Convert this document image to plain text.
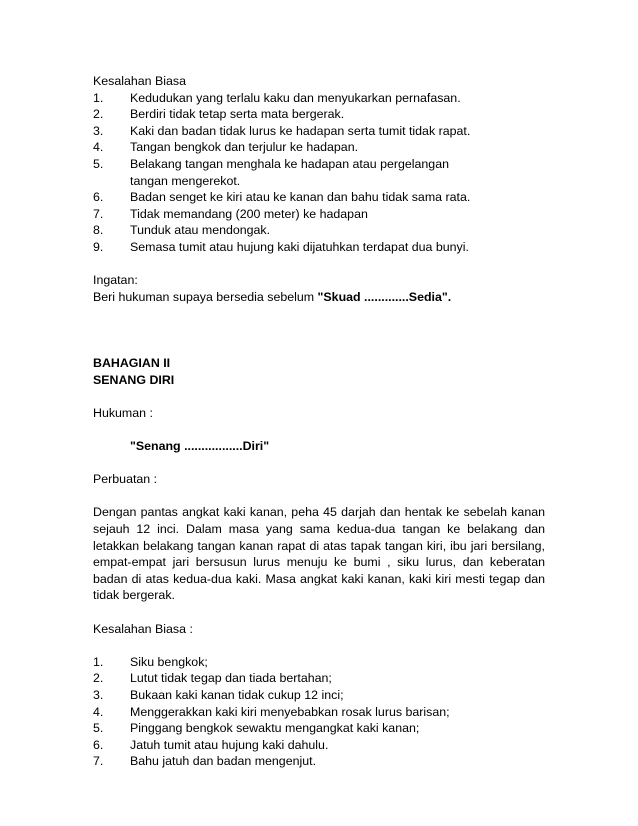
Kesalahan Biasa
1.	Kedudukan yang terlalu kaku dan menyukarkan pernafasan.
2.	Berdiri tidak tetap serta mata bergerak.
3.	Kaki dan badan tidak lurus ke hadapan serta tumit tidak rapat.
4.	Tangan bengkok dan terjulur ke hadapan.
5.	Belakang tangan menghala ke hadapan atau pergelangan
tangan mengerekot.
6.	Badan senget ke kiri atau ke kanan dan bahu tidak sama rata.
7.	Tidak memandang (200 meter) ke hadapan
8.	Tunduk atau mendongak.
9.	Semasa tumit atau hujung kaki dijatuhkan terdapat dua bunyi.
Ingatan:
Beri hukuman supaya bersedia sebelum "Skuad .............Sedia".
BAHAGIAN II
SENANG DIRI
Hukuman :
"Senang .................Diri"
Perbuatan :
Dengan pantas angkat kaki kanan, peha 45 darjah dan hentak ke sebelah kanan sejauh 12 inci. Dalam masa yang sama kedua-dua tangan ke belakang dan letakkan belakang tangan kanan rapat di atas tapak tangan kiri, ibu jari bersilang, empat-empat jari bersusun lurus menuju ke bumi , siku lurus, dan keberatan badan di atas kedua-dua kaki. Masa angkat kaki kanan, kaki kiri mesti tegap dan tidak bergerak.
Kesalahan Biasa :
1.	Siku bengkok;
2.	Lutut tidak tegap dan tiada bertahan;
3.	Bukaan kaki kanan tidak cukup 12 inci;
4.	Menggerakkan kaki kiri menyebabkan rosak lurus barisan;
5.	Pinggang bengkok sewaktu mengangkat kaki kanan;
6.	Jatuh tumit atau hujung kaki dahulu.
7.	Bahu jatuh dan badan mengenjut.
